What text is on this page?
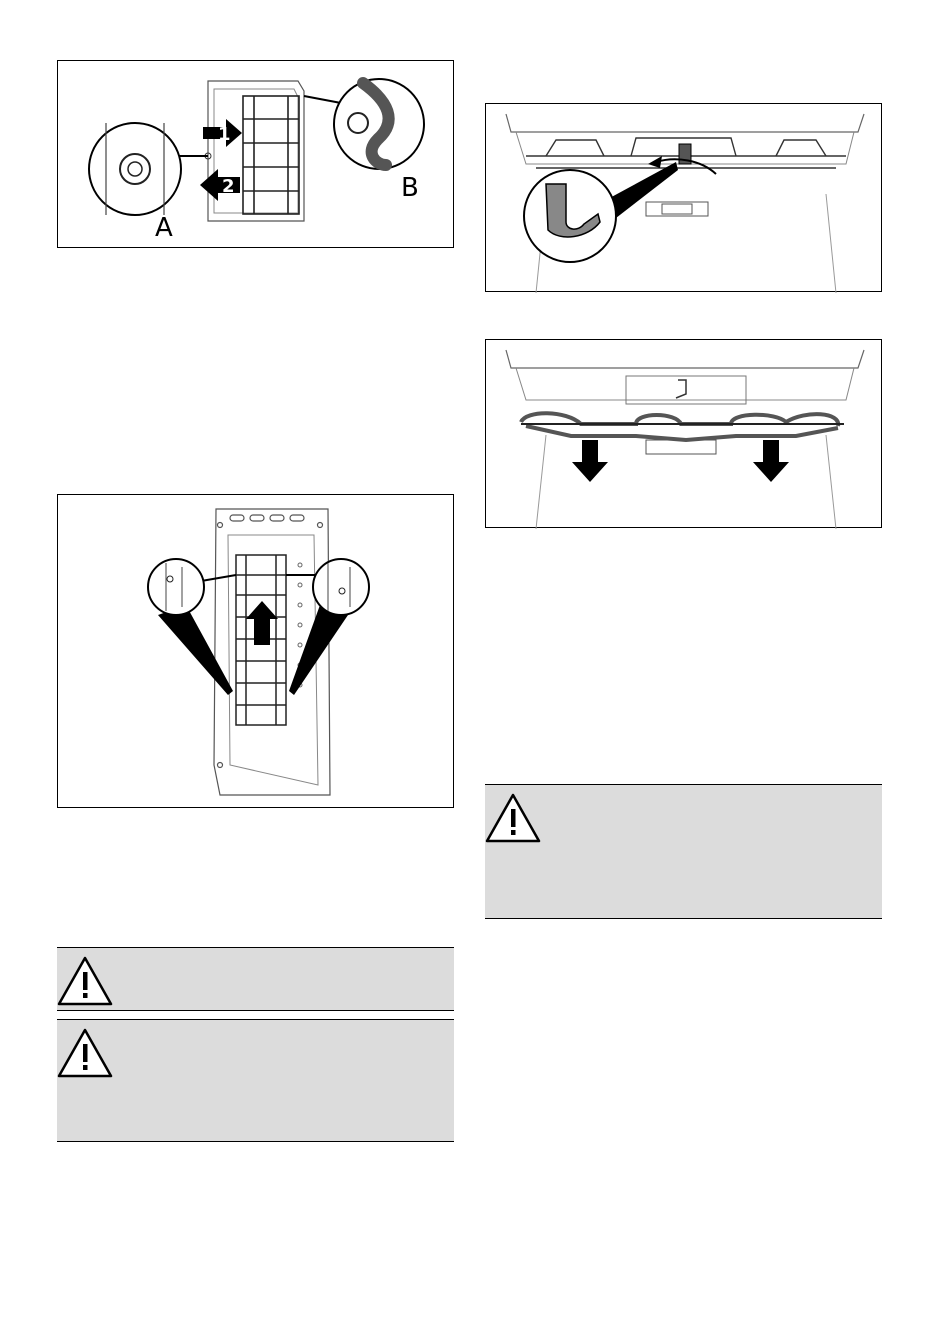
A
B
1
2
